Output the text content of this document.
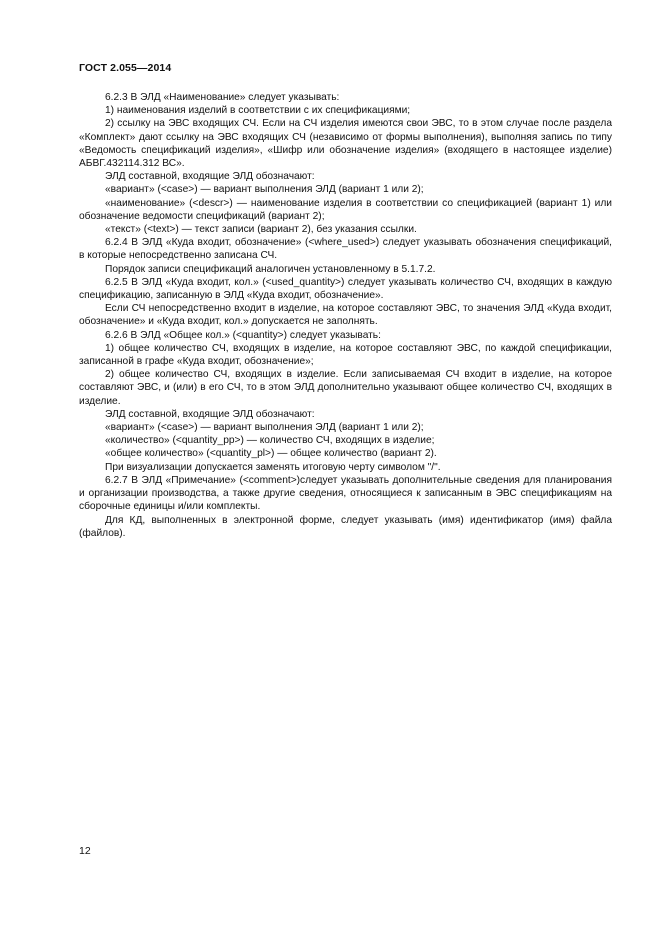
ГОСТ 2.055—2014

6.2.3 В ЭЛД «Наименование» следует указывать:

1) наименования изделий в соответствии с их спецификациями;

2) ссылку на ЭВС входящих СЧ. Если на СЧ изделия имеются свои ЭВС, то в этом случае после раздела «Комплект» дают ссылку на ЭВС входящих СЧ (независимо от формы выполнения), выполняя запись по типу «Ведомость спецификаций изделия», «Шифр или обозначение изделия» (входящего в настоящее изделие) АБВГ.432114.312 ВС».

ЭЛД составной, входящие ЭЛД обозначают:

«вариант» (<case>) — вариант выполнения ЭЛД (вариант 1 или 2);

«наименование» (<descr>) — наименование изделия в соответствии со спецификацией (вариант 1) или обозначение ведомости спецификаций (вариант 2);

«текст» (<text>) — текст записи (вариант 2), без указания ссылки.

6.2.4 В ЭЛД «Куда входит, обозначение» (<where_used>) следует указывать обозначения спецификаций, в которые непосредственно записана СЧ.

Порядок записи спецификаций аналогичен установленному в 5.1.7.2.

6.2.5 В ЭЛД «Куда входит, кол.» (<used_quantity>) следует указывать количество СЧ, входящих в каждую спецификацию, записанную в ЭЛД «Куда входит, обозначение».

Если СЧ непосредственно входит в изделие, на которое составляют ЭВС, то значения ЭЛД «Куда входит, обозначение» и «Куда входит, кол.» допускается не заполнять.

6.2.6 В ЭЛД «Общее кол.» (<quantity>) следует указывать:

1) общее количество СЧ, входящих в изделие, на которое составляют ЭВС, по каждой спецификации, записанной в графе «Куда входит, обозначение»;

2) общее количество СЧ, входящих в изделие. Если записываемая СЧ входит в изделие, на которое составляют ЭВС, и (или) в его СЧ, то в этом ЭЛД дополнительно указывают общее количество СЧ, входящих в изделие.

ЭЛД составной, входящие ЭЛД обозначают:

«вариант» (<case>) — вариант выполнения ЭЛД (вариант 1 или 2);

«количество» (<quantity_pp>) — количество СЧ, входящих в изделие;

«общее количество» (<quantity_pl>) — общее количество (вариант 2).

При визуализации допускается заменять итоговую черту символом "/".

6.2.7 В ЭЛД «Примечание» (<comment>)следует указывать дополнительные сведения для планирования и организации производства, а также другие сведения, относящиеся к записанным в ЭВС спецификациям на сборочные единицы и/или комплекты.

Для КД, выполненных в электронной форме, следует указывать (имя) идентификатор (имя) файла (файлов).

12
